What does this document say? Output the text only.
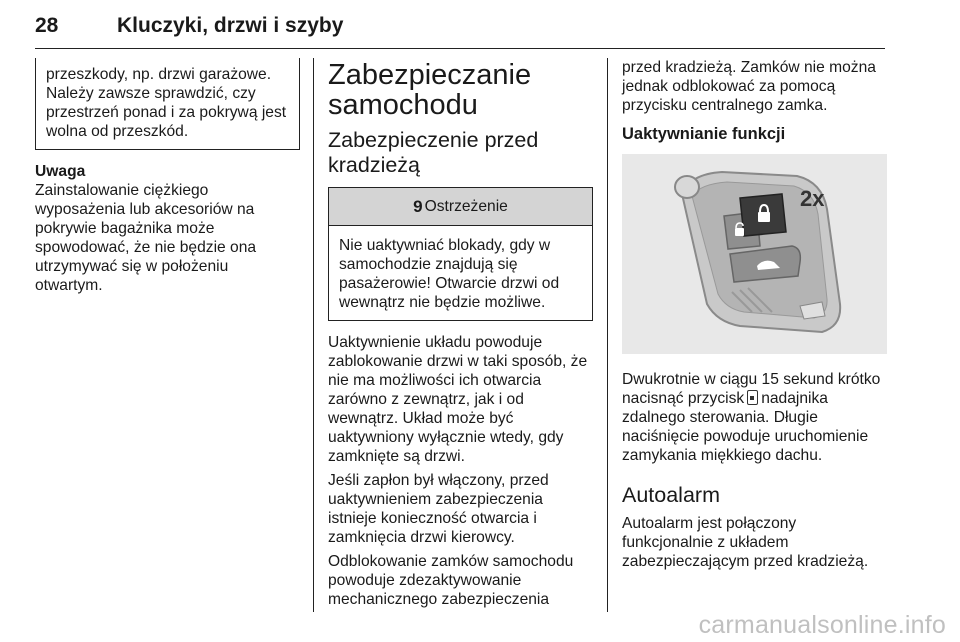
28	Kluczyki, drzwi i szyby
przeszkody, np. drzwi garażowe. Należy zawsze sprawdzić, czy przestrzeń ponad i za pokrywą jest wolna od przeszkód.
Uwaga
Zainstalowanie ciężkiego wyposażenia lub akcesoriów na pokrywie bagażnika może spowodować, że nie będzie ona utrzymywać się w położeniu otwartym.
Zabezpieczanie samochodu
Zabezpieczenie przed kradzieżą
9 Ostrzeżenie
Nie uaktywniać blokady, gdy w samochodzie znajdują się pasażerowie! Otwarcie drzwi od wewnątrz nie będzie możliwe.

Uaktywnienie układu powoduje zablokowanie drzwi w taki sposób, że nie ma możliwości ich otwarcia zarówno z zewnątrz, jak i od wewnątrz. Układ może być uaktywniony wyłącznie wtedy, gdy zamknięte są drzwi.

Jeśli zapłon był włączony, przed uaktywnieniem zabezpieczenia istnieje konieczność otwarcia i zamknięcia drzwi kierowcy.

Odblokowanie zamków samochodu powoduje zdezaktywowanie mechanicznego zabezpieczenia

przed kradzieżą. Zamków nie można jednak odblokować za pomocą przycisku centralnego zamka.

Uaktywnianie funkcji
2x

Dwukrotnie w ciągu 15 sekund krótko nacisnąć przycisk nadajnika zdalnego sterowania. Długie naciśnięcie powoduje uruchomienie zamykania miękkiego dachu.

Autoalarm

Autoalarm jest połączony funkcjonalnie z układem zabezpieczającym przed kradzieżą.

carmanualsonline.info
